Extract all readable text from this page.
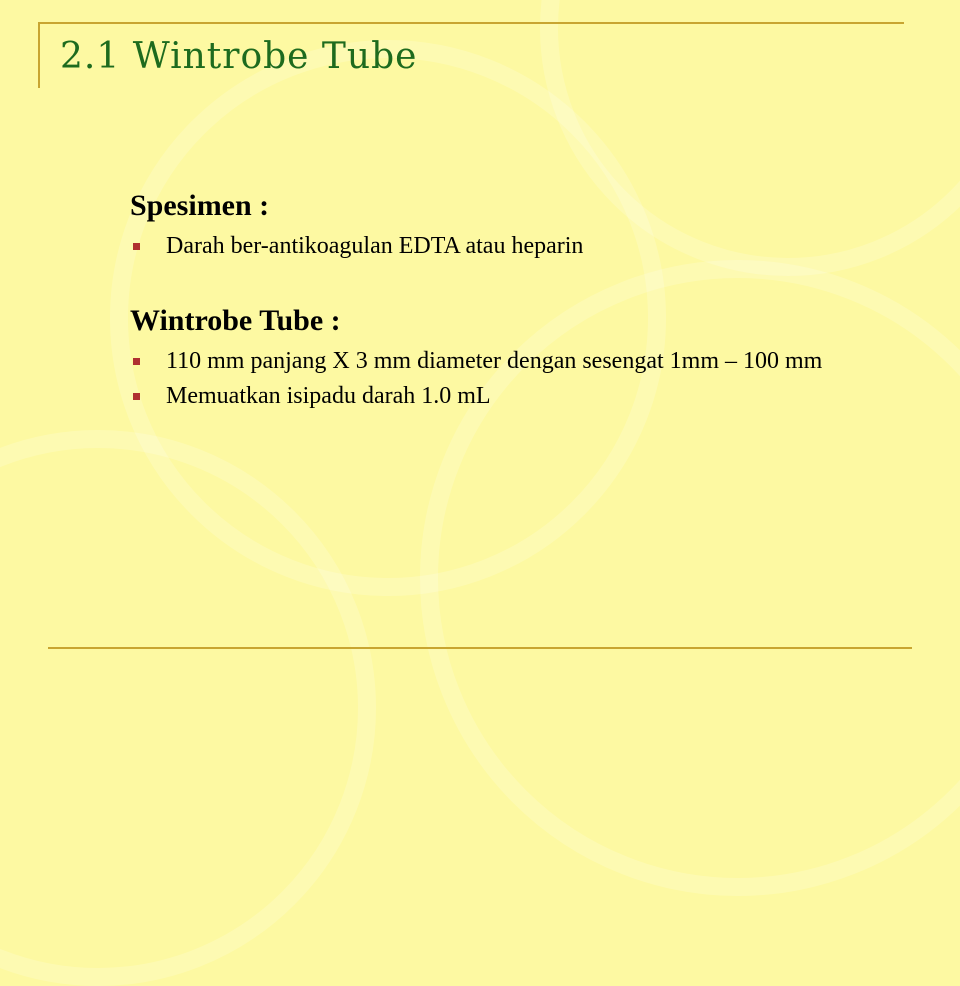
2.1 Wintrobe Tube
Spesimen :
Darah ber-antikoagulan EDTA atau heparin
Wintrobe Tube :
110 mm panjang X 3 mm diameter dengan sesengat 1mm – 100 mm
Memuatkan isipadu darah 1.0 mL
